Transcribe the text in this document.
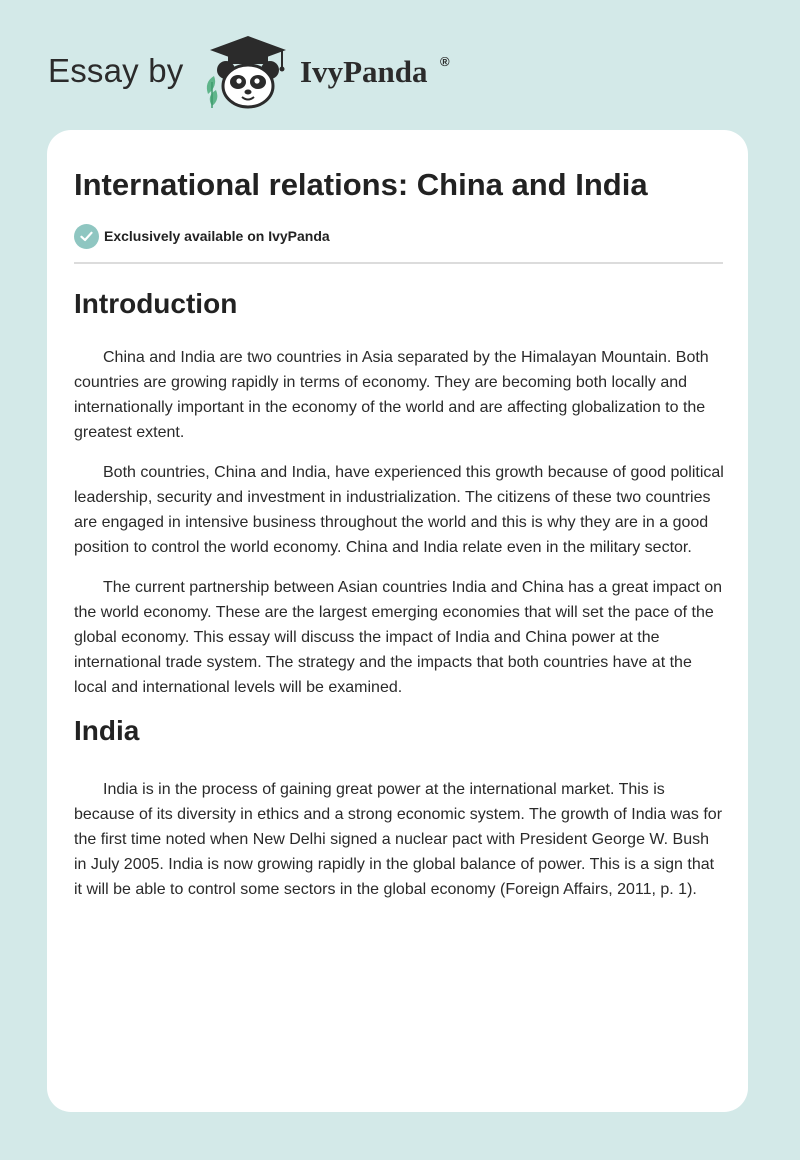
Essay by	IvyPanda ®
International relations: China and India
Exclusively available on IvyPanda
Introduction

China and India are two countries in Asia separated by the Himalayan Mountain. Both countries are growing rapidly in terms of economy. They are becoming both locally and internationally important in the economy of the world and are affecting globalization to the greatest extent.

Both countries, China and India, have experienced this growth because of good political leadership, security and investment in industrialization. The citizens of these two countries are engaged in intensive business throughout the world and this is why they are in a good position to control the world economy. China and India relate even in the military sector.

The current partnership between Asian countries India and China has a great impact on the world economy. These are the largest emerging economies that will set the pace of the global economy. This essay will discuss the impact of India and China power at the international trade system. The strategy and the impacts that both countries have at the local and international levels will be examined.

India

India is in the process of gaining great power at the international market. This is because of its diversity in ethics and a strong economic system. The growth of India was for the first time noted when New Delhi signed a nuclear pact with President George W. Bush in July 2005. India is now growing rapidly in the global balance of power. This is a sign that it will be able to control some sectors in the global economy (Foreign Affairs, 2011, p. 1).
